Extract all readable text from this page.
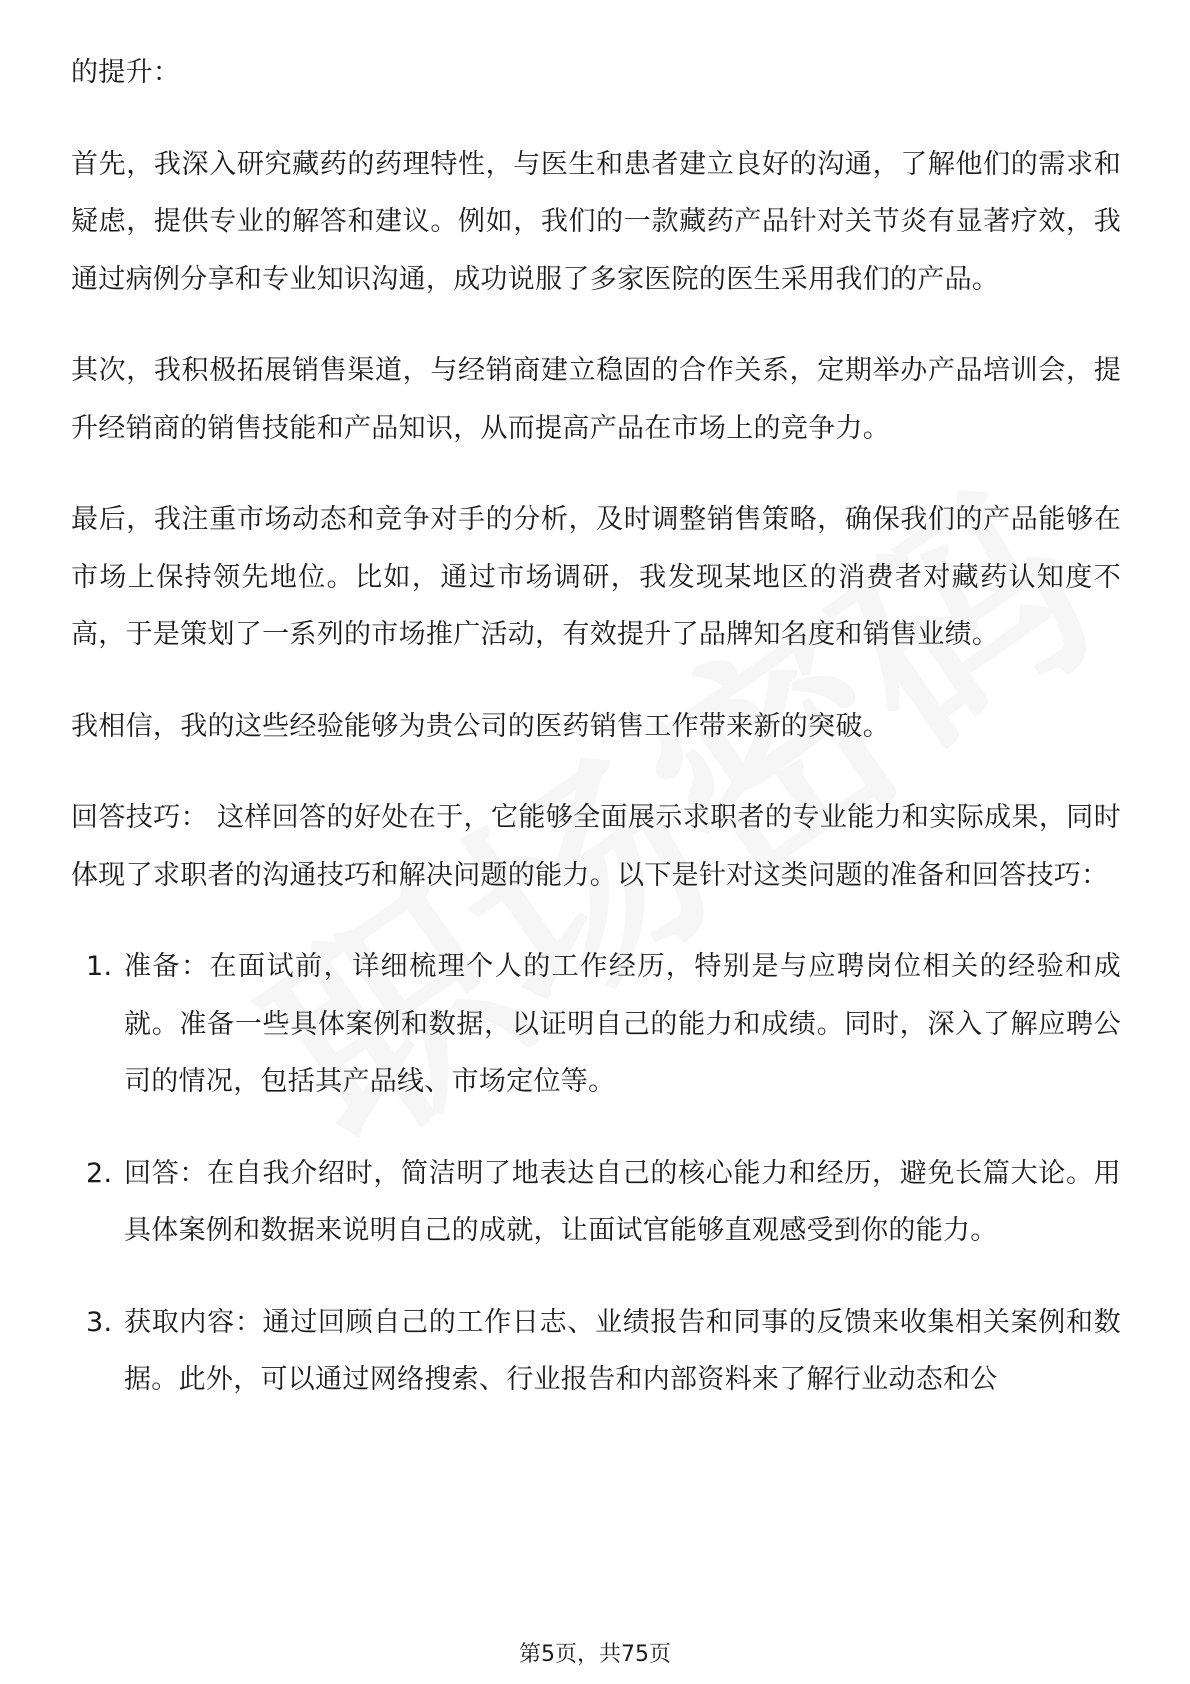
的提升：

首先，我深入研究藏药的药理特性，与医生和患者建立良好的沟通，了解他们的需求和疑虑，提供专业的解答和建议。例如，我们的一款藏药产品针对关节炎有显著疗效，我通过病例分享和专业知识沟通，成功说服了多家医院的医生采用我们的产品。

其次，我积极拓展销售渠道，与经销商建立稳固的合作关系，定期举办产品培训会，提升经销商的销售技能和产品知识，从而提高产品在市场上的竞争力。

最后，我注重市场动态和竞争对手的分析，及时调整销售策略，确保我们的产品能够在市场上保持领先地位。比如，通过市场调研，我发现某地区的消费者对藏药认知度不高，于是策划了一系列的市场推广活动，有效提升了品牌知名度和销售业绩。

我相信，我的这些经验能够为贵公司的医药销售工作带来新的突破。

回答技巧： 这样回答的好处在于，它能够全面展示求职者的专业能力和实际成果，同时体现了求职者的沟通技巧和解决问题的能力。以下是针对这类问题的准备和回答技巧：

1. 准备：在面试前，详细梳理个人的工作经历，特别是与应聘岗位相关的经验和成就。准备一些具体案例和数据，以证明自己的能力和成绩。同时，深入了解应聘公司的情况，包括其产品线、市场定位等。
2. 回答：在自我介绍时，简洁明了地表达自己的核心能力和经历，避免长篇大论。用具体案例和数据来说明自己的成就，让面试官能够直观感受到你的能力。
3. 获取内容：通过回顾自己的工作日志、业绩报告和同事的反馈来收集相关案例和数据。此外，可以通过网络搜索、行业报告和内部资料来了解行业动态和公
第5页，共75页
